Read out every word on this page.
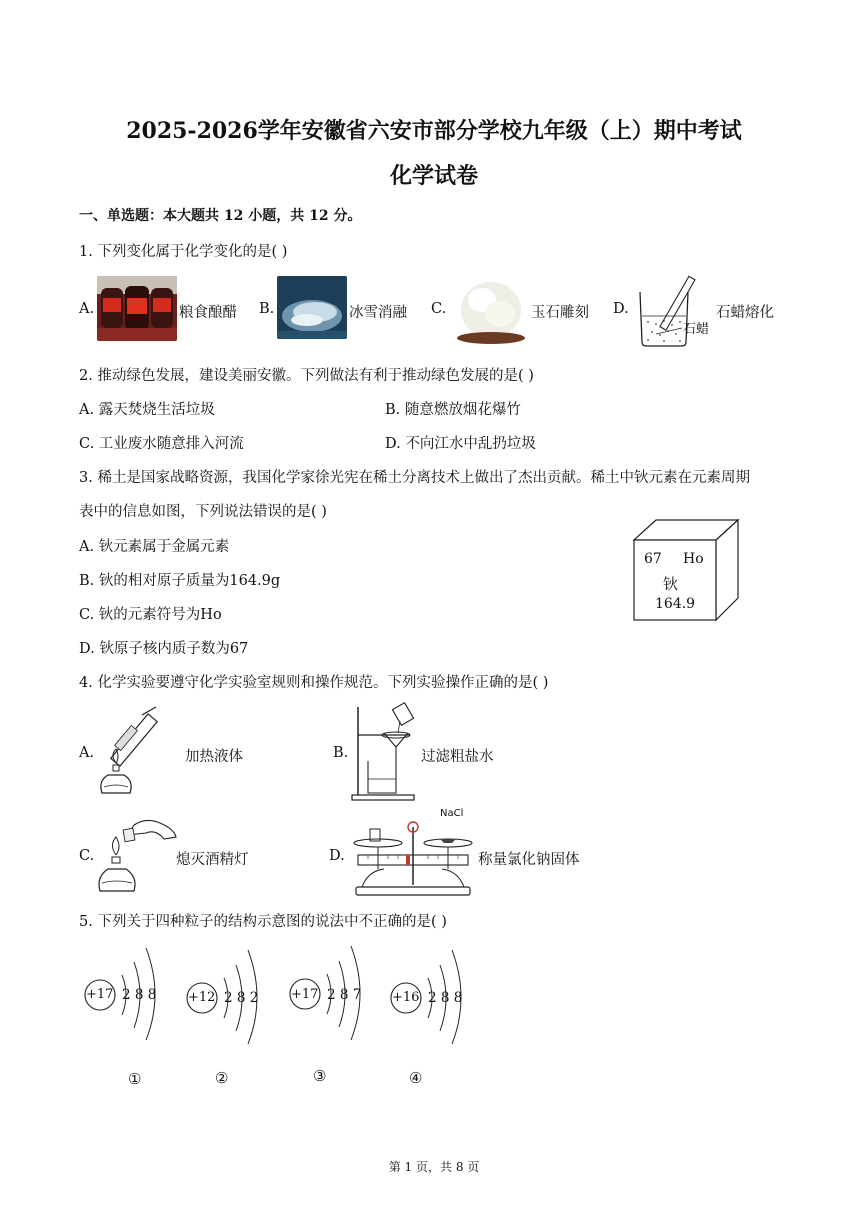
2025-2026学年安徽省六安市部分学校九年级（上）期中考试
化学试卷
一、单选题：本大题共 12 小题，共 12 分。
1. 下列变化属于化学变化的是( )
A.	粮食酿醋 B.	冰雪消融 C.	玉石雕刻 D.
石蜡
石蜡熔化
2. 推动绿色发展，建设美丽安徽。下列做法有利于推动绿色发展的是( )
A. 露天焚烧生活垃圾	B. 随意燃放烟花爆竹
C. 工业废水随意排入河流	D. 不向江水中乱扔垃圾
3. 稀土是国家战略资源，我国化学家徐光宪在稀土分离技术上做出了杰出贡献。稀土中钬元素在元素周期
表中的信息如图，下列说法错误的是( )
A. 钬元素属于金属元素
B. 钬的相对原子质量为164.9g
C. 钬的元素符号为Ho
D. 钬原子核内质子数为67
67 Ho
钬
164.9
4. 化学实验要遵守化学实验室规则和操作规范。下列实验操作正确的是( )
A.	加热液体	B.	过滤粗盐水
C.	熄灭酒精灯	D.
NaCl
称量氯化钠固体
5. 下列关于四种粒子的结构示意图的说法中不正确的是( )
+17 2 8 8
①
+12 2 8 2
②
+17 2 8 7
③
+16 2 8 8
④
第 1 页，共 8 页
